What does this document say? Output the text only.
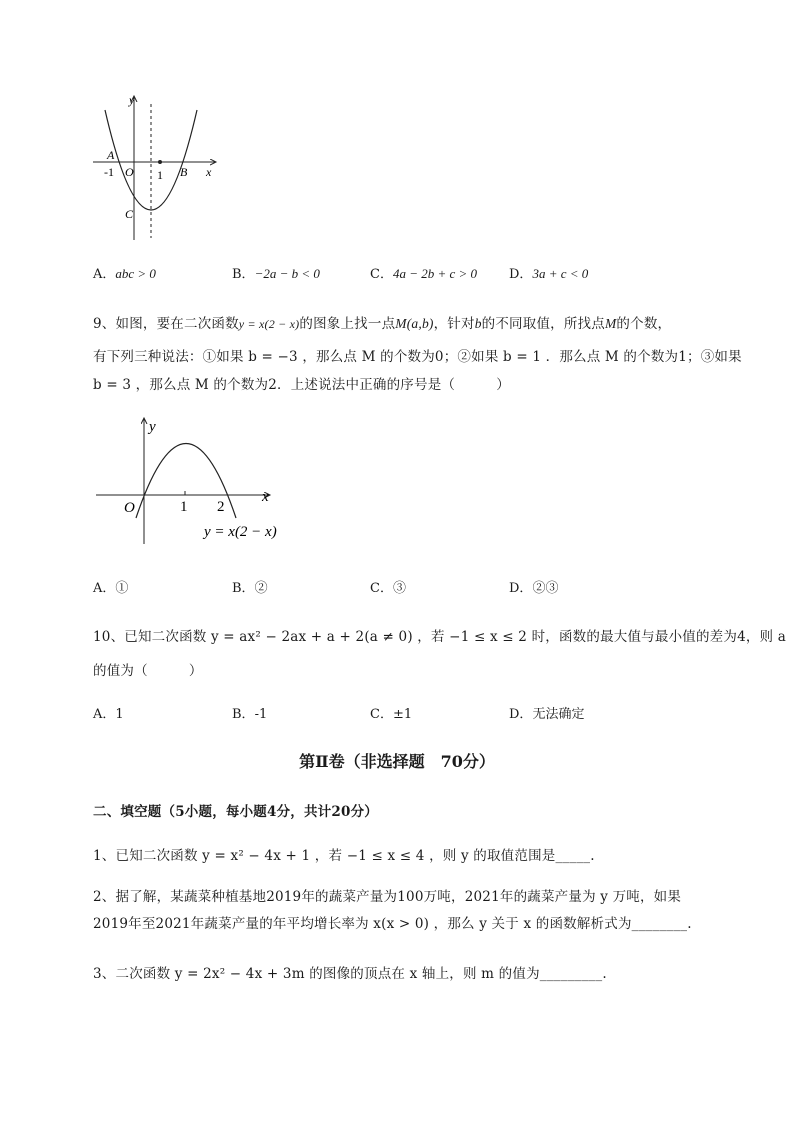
y
A
-1 O 1 B x
C
A．abc > 0	B．−2a − b < 0	C．4a − 2b + c > 0 D．3a + c < 0
9、如图，要在二次函数y = x(2 − x)的图象上找一点M(a,b)，针对b的不同取值，所找点M的个数，
有下列三种说法：①如果 b = −3 ，那么点 M 的个数为0；②如果 b = 1 ．那么点 M 的个数为1；③如果
b = 3 ，那么点 M 的个数为2．上述说法中正确的序号是（　　　）
y
x
O	1 2
y = x(2 − x)
A．①	B．②	C．③	D．②③
10、已知二次函数 y = ax² − 2ax + a + 2(a ≠ 0) ，若 −1 ≤ x ≤ 2 时，函数的最大值与最小值的差为4，则 a
的值为（　　　）
A．1	B．-1	C．±1	D．无法确定
第Ⅱ卷（非选择题　70分）
二、填空题（5小题，每小题4分，共计20分）
1、已知二次函数 y = x² − 4x + 1 ，若 −1 ≤ x ≤ 4 ，则 y 的取值范围是_____.
2、据了解，某蔬菜种植基地2019年的蔬菜产量为100万吨，2021年的蔬菜产量为 y 万吨，如果
2019年至2021年蔬菜产量的年平均增长率为 x(x > 0) ，那么 y 关于 x 的函数解析式为________.
3、二次函数 y = 2x² − 4x + 3m 的图像的顶点在 x 轴上，则 m 的值为_________.
